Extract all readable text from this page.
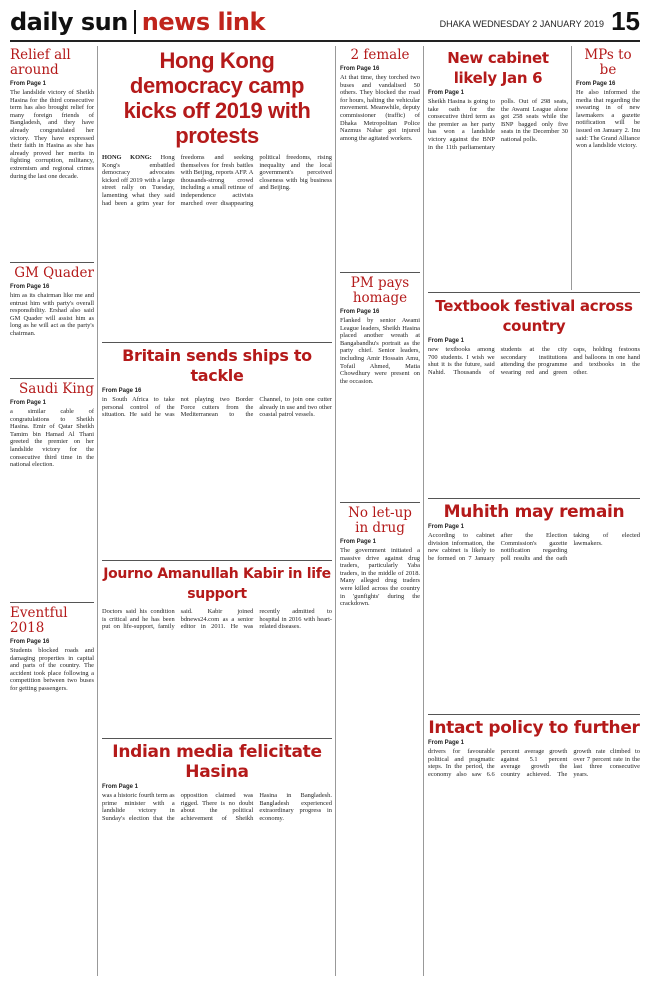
daily sun news link	DHAKA WEDNESDAY 2 JANUARY 2019 15
Relief all around
From Page 1
The landslide victory of Sheikh Hasina for the third consecutive term has also brought relief for many foreign friends of Bangladesh, and they have already congratulated her victory. They have expressed their faith in Hasina as she has already proved her merits in fighting corruption, militancy, extremism and regional crimes during the last one decade.
GM Quader
From Page 16
him as its chairman like me and entrust him with party's overall responsibility. Ershad also said GM Quader will assist him as long as he will act as the party's chairman.
Saudi King
From Page 1
a similar cable of congratulations to Sheikh Hasina. Emir of Qatar Sheikh Tamim bin Hamad Al Thani greeted the premier on her landslide victory for the consecutive third time in the national election.
Eventful 2018
From Page 16
Students blocked roads and damaging properties in capital and parts of the country. The accident took place following a competition between two buses for getting passengers.
Hong Kong democracy camp kicks off 2019 with protests
HONG KONG: Hong Kong's embattled democracy advocates kicked off 2019 with a large street rally on Tuesday, lamenting what they said had been a grim year for freedoms and seeking themselves for fresh battles with Beijing, reports AFP. A thousands-strong crowd including a small retinue of independence activists marched over disappearing political freedoms, rising inequality and the local government's perceived closeness with big business and Beijing.
Britain sends ships to tackle
From Page 16
in South Africa to take personal control of the situation. He said he was not playing two Border Force cutters from the Mediterranean to the Channel, to join one cutter already in use and two other coastal patrol vessels.
Journo Amanullah Kabir in life support
Doctors said his condition is critical and he has been put on life-support, family said. Kabir joined bdnews24.com as a senior editor in 2011. He was recently admitted to hospital in 2016 with heart-related diseases.
Indian media felicitate Hasina
From Page 1
was a historic fourth term as prime minister with a landslide victory in Sunday's election that the opposition claimed was rigged. There is no doubt about the political achievement of Sheikh Hasina in Bangladesh. Bangladesh experienced extraordinary progress in economy.
2 female
From Page 16
At that time, they torched two buses and vandalised 50 others. They blocked the road for hours, halting the vehicular movement. Meanwhile, deputy commissioner (traffic) of Dhaka Metropolitan Police Nazmus Nahar got injured among the agitated workers.
PM pays homage
From Page 16
Flanked by senior Awami League leaders, Sheikh Hasina placed another wreath at Bangabandhu's portrait as the party chief. Senior leaders, including Amir Hossain Amu, Tofail Ahmed, Matia Chowdhury were present on the occasion.
No let-up in drug
From Page 1
The government initiated a massive drive against drug traders, particularly Yaba traders, in the middle of 2018. Many alleged drug traders were killed across the country in 'gunfights' during the crackdown.
New cabinet likely Jan 6
From Page 1
Sheikh Hasina is going to take oath for the consecutive third term as the premier as her party has won a landslide victory against the BNP in the 11th parliamentary polls. Out of 298 seats, the Awami League alone got 258 seats while the BNP bagged only five seats in the December 30 national polls.
MPs to be
From Page 16
He also informed the media that regarding the swearing in of new lawmakers a gazette notification will be issued on January 2. Inu said: The Grand Alliance won a landslide victory.
Textbook festival across country
From Page 1
new textbooks among 700 students. I wish we shut it is the future, said Nahid. Thousands of students at the city secondary institutions attending the programme wearing red and green caps, holding festoons and balloons in one hand and textbooks in the other.
Muhith may remain
From Page 1
According to cabinet division information, the new cabinet is likely to be formed on 7 January after the Election Commission's gazette notification regarding poll results and the oath taking of elected lawmakers.
Intact policy to further
From Page 1
drivers for favourable political and pragmatic steps. In the period, the economy also saw 6.6 percent average growth against 5.1 percent average growth the country achieved. The growth rate climbed to over 7 percent rate in the last three consecutive years.
